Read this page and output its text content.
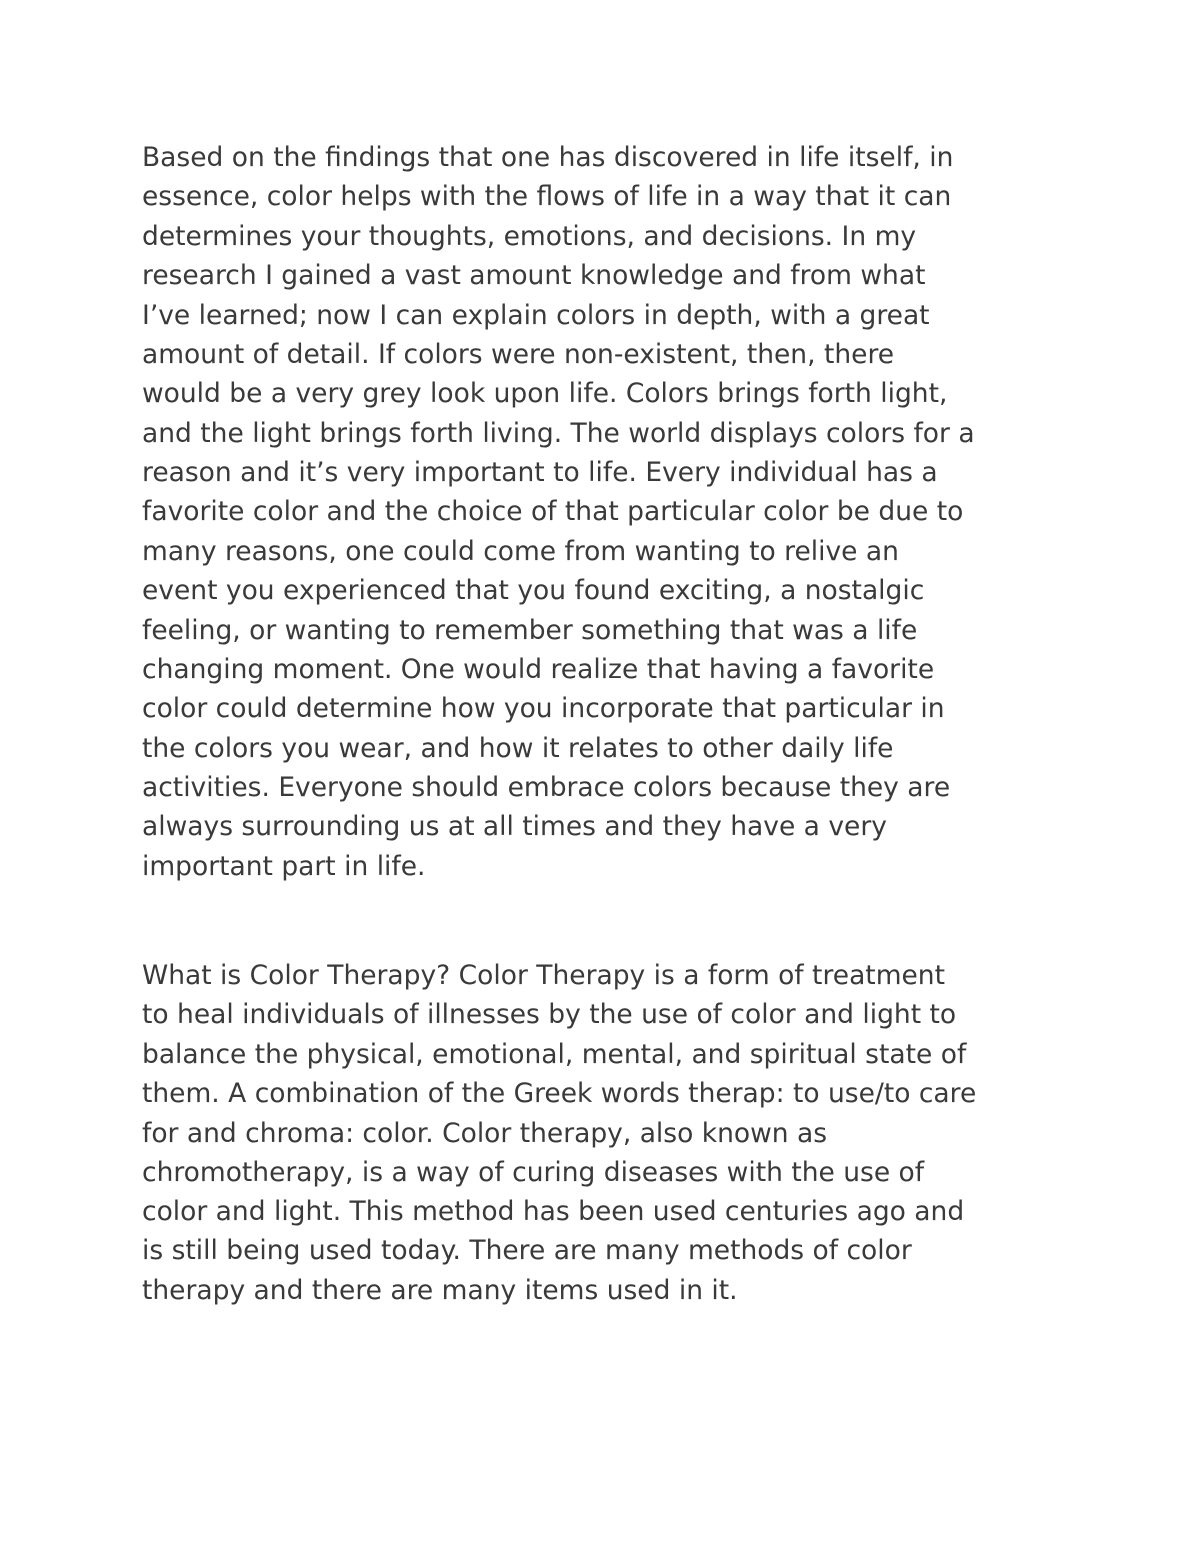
Based on the findings that one has discovered in life itself, in

essence, color helps with the flows of life in a way that it can

determines your thoughts, emotions, and decisions. In my

research I gained a vast amount knowledge and from what

I’ve learned; now I can explain colors in depth, with a great

amount of detail. If colors were non-existent, then, there

would be a very grey look upon life. Colors brings forth light,

and the light brings forth living. The world displays colors for a

reason and it’s very important to life. Every individual has a

favorite color and the choice of that particular color be due to

many reasons, one could come from wanting to relive an

event you experienced that you found exciting, a nostalgic

feeling, or wanting to remember something that was a life

changing moment. One would realize that having a favorite

color could determine how you incorporate that particular in

the colors you wear, and how it relates to other daily life

activities. Everyone should embrace colors because they are

always surrounding us at all times and they have a very

important part in life.

What is Color Therapy? Color Therapy is a form of treatment

to heal individuals of illnesses by the use of color and light to

balance the physical, emotional, mental, and spiritual state of

them. A combination of the Greek words therap: to use/to care

for and chroma: color. Color therapy, also known as

chromotherapy, is a way of curing diseases with the use of

color and light. This method has been used centuries ago and

is still being used today. There are many methods of color

therapy and there are many items used in it.
